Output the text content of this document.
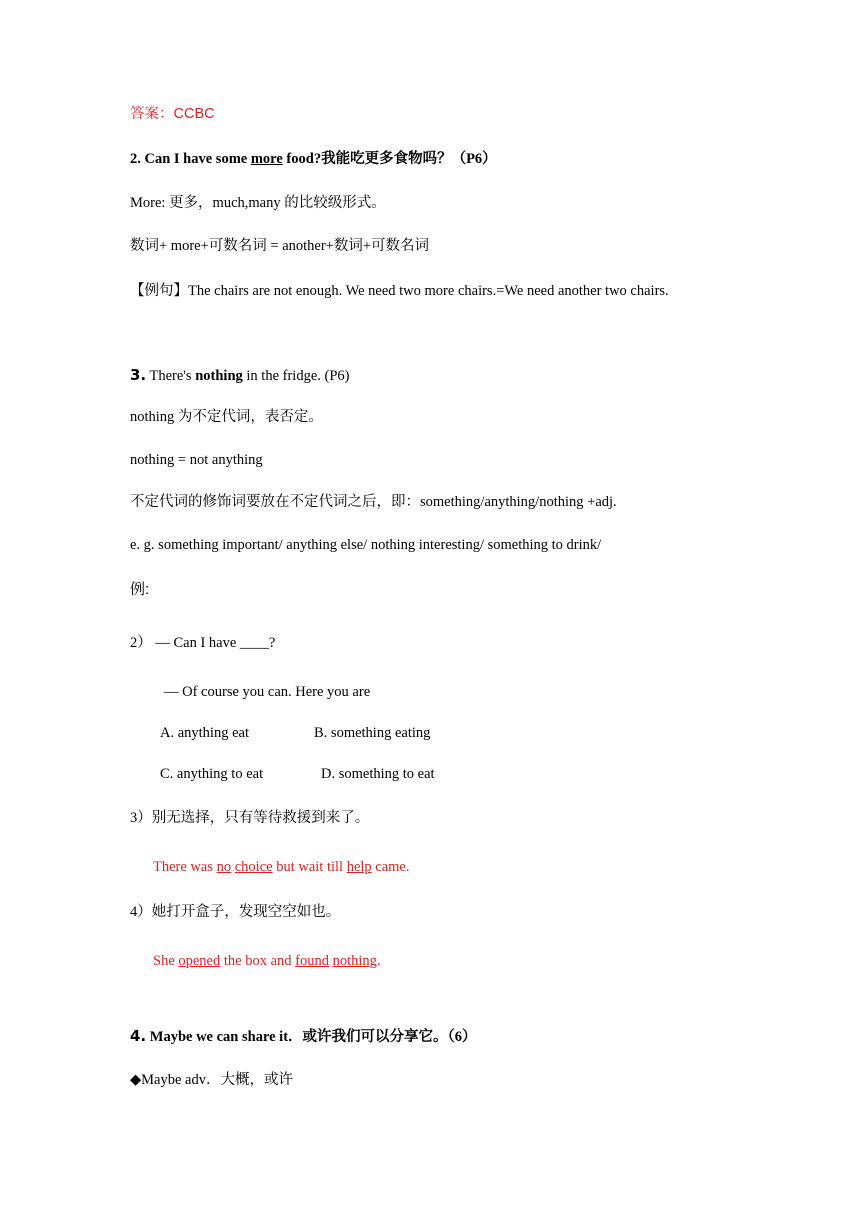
答案：CCBC
2. Can I have some more food?我能吃更多食物吗？（P6）
More: 更多，much,many 的比较级形式。
数词+ more+可数名词 = another+数词+可数名词
【例句】The chairs are not enough. We need two more chairs.=We need another two chairs.
3. There's nothing in the fridge. (P6)
nothing 为不定代词，表否定。
nothing = not anything
不定代词的修饰词要放在不定代词之后，即：something/anything/nothing +adj.
e. g. something important/ anything else/ nothing interesting/ something to drink/
例:
2） — Can I have ____?
— Of course you can. Here you are
A. anything eat	B. something eating
C. anything to eat	D. something to eat
3）别无选择，只有等待救援到来了。
There was no choice but wait till help came.
4）她打开盒子，发现空空如也。
She opened the box and found nothing.
4. Maybe we can share it．或许我们可以分享它。（6）
◆Maybe adv．大概，或许
